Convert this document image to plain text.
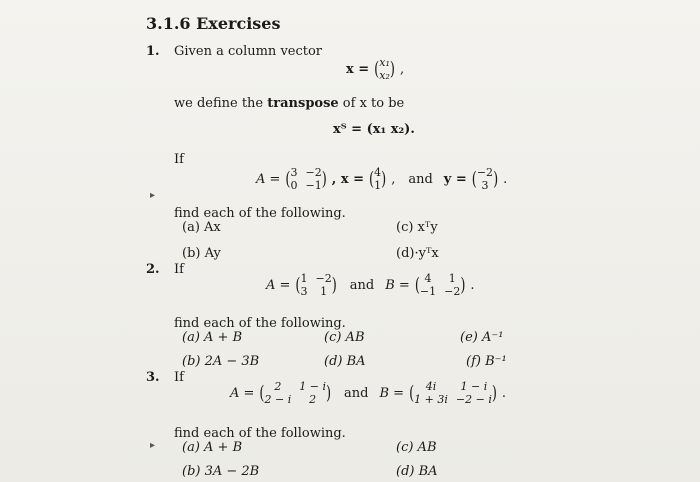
3.1.6 Exercises
1. Given a column vector
x = ( x₁
x₂ ) ,
we define the transpose of x to be
xᵀ = (x₁ x₂).
If
▸
A = ( 3 −2
0 −1 ) , x = ( 4
1 ) , and y = ( −2
3 ) .
find each of the following.
(a) Ax	(c) xᵀy
(b) Ay	(d)·yᵀx
2. If
A = ( 1 −2
3	1 ) and B = ( 4	1
−1 −2 ) .
find each of the following.
(a) A + B	(c) AB	(e) A⁻¹
(b) 2A − 3B	(d) BA	(f) B⁻¹
3. If
A = ( 2	1 − i
2 − i	2 ) and B = (	4i	1 − i
1 + 3i −2 − i ) .
▸
find each of the following.
(a) A + B	(c) AB
(b) 3A − 2B	(d) BA
